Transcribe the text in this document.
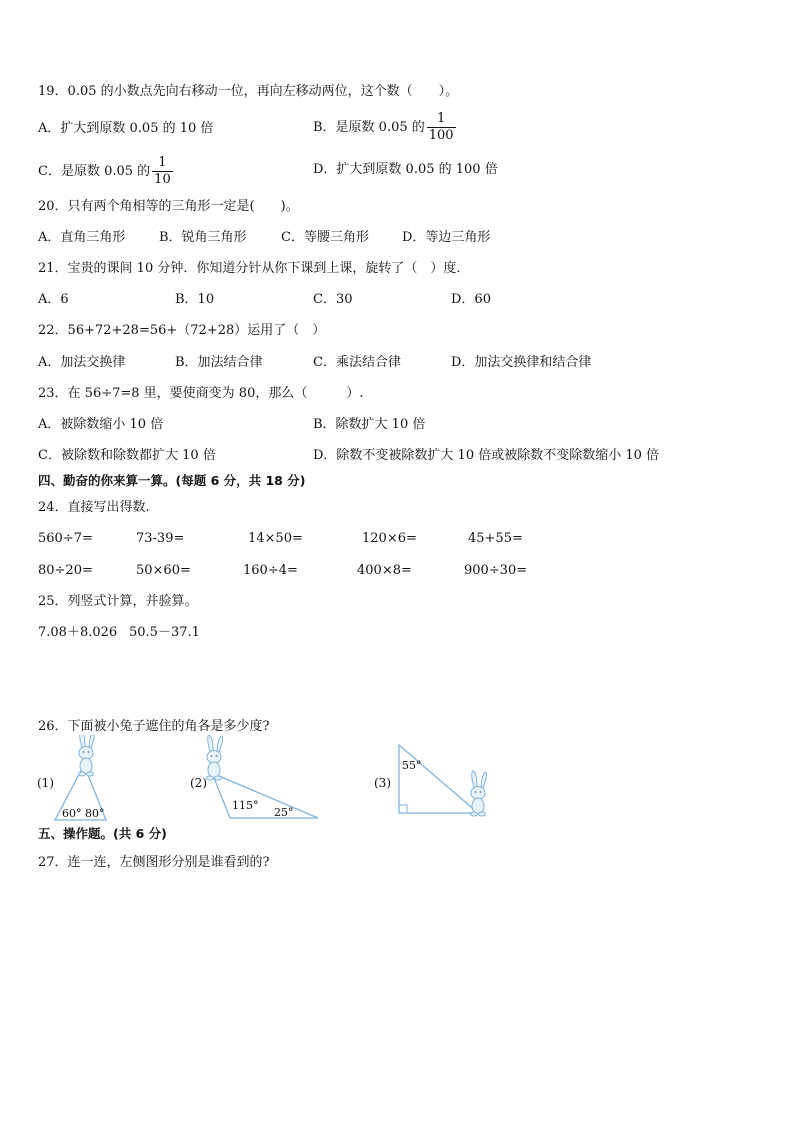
19．0.05 的小数点先向右移动一位，再向左移动两位，这个数（　　）。
A．扩大到原数 0.05 的 10 倍	B．是原数 0.05 的 $\frac{1}{100}$
C．是原数 0.05 的 $\frac{1}{10}$	D．扩大到原数 0.05 的 100 倍
20．只有两个角相等的三角形一定是(　　)。
A．直角三角形	B．锐角三角形	C．等腰三角形	D．等边三角形
21．宝贵的课间 10 分钟．你知道分针从你下课到上课，旋转了（　）度．
A．6	B．10	C．30	D．60
22．56+72+28=56+（72+28）运用了（　）
A．加法交换律	B．加法结合律	C．乘法结合律	D．加法交换律和结合律
23．在 56÷7=8 里，要使商变为 80，那么（　　　）.
A．被除数缩小 10 倍	B．除数扩大 10 倍
C．被除数和除数都扩大 10 倍	D．除数不变被除数扩大 10 倍或被除数不变除数缩小 10 倍
四、勤奋的你来算一算。(每题 6 分，共 18 分)
24．直接写出得数.
560÷7=	73-39=	14×50=	120×6=	45+55=
80÷20=	50×60=	160÷4=	400×8=	900÷30=
25．列竖式计算，并验算。
7.08＋8.026 50.5－37.1
26．下面被小兔子遮住的角各是多少度?
(1)
60° 80°
(2)
115°
25°
(3)
55°
五、操作题。(共 6 分)
27．连一连，左侧图形分别是谁看到的?
